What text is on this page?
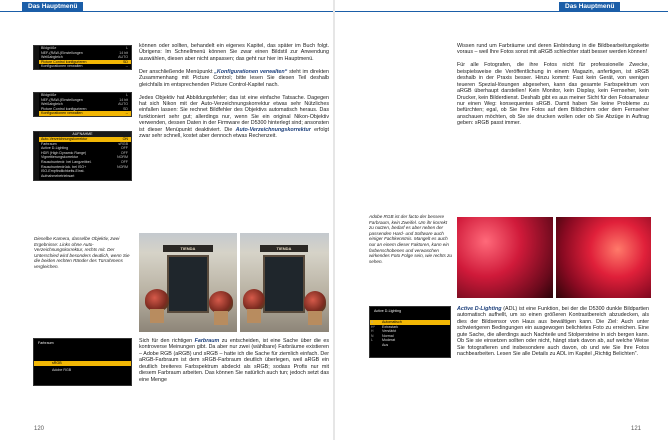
Das Hauptmenü
Bildgröße	L
NEF-(RAW-)Einstellungen	14 bit
Weißabgleich	AUTO
Picture Control konfigurieren	SD
Konfigurationen verwalten	--
Bildgröße	L
NEF-(RAW-)Einstellungen	14 bit
Weißabgleich	AUTO
Picture Control konfigurieren	SD
Konfigurationen verwalten	--
AUFNAHME
Auto-Verzeichnungskorrektur	ON
Farbraum	sRGB
Active D-Lighting	OFF
HDR (High Dynamic Range)	OFF
Vignettierungskorrektur	NORM
Rauschunterdr. bei Langzeitbel.	OFF
Rauschunterdrück. bei ISO+	NORM
ISO-Empfindlichkeits-Einst.
Aufnahmebetriebsart
Dieselbe Kamera, dasselbe Objektiv, zwei Ergebnisse: Links ohne Auto-Verzeichnungskorrektur, rechts mit. Der Unterschied wird besonders deutlich, wenn Sie die beiden rechten Ränder des Türrahmens vergleichen.
TIENDA	TIENDA
Farbraum
sRGB
Adobe RGB

können oder sollten, behandelt ein eigenes Kapitel, das später im Buch folgt. Übrigens: Im Schnellmenü können Sie zwar einen Bildstil zur Anwendung auswählen, diesen aber nicht anpassen; das geht nur hier im Hauptmenü.

Der anschließende Menüpunkt „Konfigurationen verwalten“ steht im direkten Zusammenhang mit Picture Control; bitte lesen Sie diesen Teil deshalb gleichfalls im entsprechenden Picture Control-Kapitel nach.

Jedes Objektiv hat Abbildungsfehler; das ist eine einfache Tatsache. Dagegen hat sich Nikon mit der Auto-Verzeichnungskorrektur etwas sehr Nützliches einfallen lassen: Sie rechnet Bildfehler des Objektivs automatisch heraus. Das funktioniert sehr gut; allerdings nur, wenn Sie ein original Nikon-Objektiv verwenden, dessen Daten in der Firmware der D5300 hinterlegt sind; ansonsten ist dieser Menüpunkt deaktiviert. Die Auto-Verzeichnungskorrektur erfolgt zwar sehr schnell, kostet aber dennoch etwas Rechenzeit.

Sich für den richtigen Farbraum zu entscheiden, ist eine Sache über die es kontroverse Meinungen gibt. Da aber nur zwei (wählbare) Farbräume existieren – Adobe RGB (aRGB) und sRGB – hatte ich die Sache für ziemlich einfach. Der aRGB-Farbraum ist dem sRGB-Farbraum deutlich überlegen, weil aRGB ein deutlich breiteres Farbspektrum abdeckt als sRGB; sodass Profis nur mit diesem Farbraum arbeiten. Das können Sie natürlich auch tun; jedoch setzt das eine Menge

120
Das Hauptmenü

Wissen rund um Farbräume und deren Einbindung in die Bildbearbeitungskette voraus – weil Ihre Fotos sonst mit aRGB schlechter statt besser werden können!

Für alle Fotografen, die ihre Fotos nicht für professionelle Zwecke, beispielsweise die Veröffentlichung in einem Magazin, anfertigen, ist sRGB deshalb in der Praxis besser. Hinzu kommt: Fast kein Gerät, von wenigen teueren Spezial-lösungen abgesehen, kann das gesamte Farbspektrum von aRGB überhaupt darstellen! Kein Monitor, kein Display, kein Fernseher, kein Drucker, kein Bilderdienst. Deshalb gibt es aus meiner Sicht für den Fotoamateur nur einen Weg: konsequentes sRGB. Damit haben Sie keine Probleme zu befürchten; egal, ob Sie Ihre Fotos auf dem Bildschirm oder dem Fernseher anschauen möchten, ob Sie sie drucken wollen oder ob Sie Abzüge in Auftrag geben: sRGB passt immer.

Adobe RGB ist der facto der bessere Farbraum, kein Zweifel. Um ihr korrekt zu nutzen, bedarf es aber neben der passenden Hard- und Software auch einiger Fachkenntnis. Mangelt es auch nur an einem dieser Faktoren, kann ein farbenschobenes und verwaschen wirkendes Foto Folge sein, wie rechts zu sehen.
Active D-Lighting
A Automatisch
H* Extrastark
H Verstärkt
N Normal
L	Moderat
Aus

Active D-Lighting (ADL) ist eine Funktion, bei der die D5300 dunkle Bildpartien automatisch aufhellt, um so einen größeren Kontrastbereich abzudecken, als dies der Bildsensor von Haus aus bewältigen kann. Die Ziel: Auch unter schwierigeren Bedingungen ein ausgewogen belichtetes Foto zu erreichen. Eine gute Sache, die allerdings auch Nachteile und Stolpersteine in sich bergen kann. Ob Sie sie einsetzen sollten oder nicht, hängt stark davon ab, auf welche Weise Sie fotografieren und insbesondere auch davon, ob und wie Sie Ihre Fotos nachbearbeiten. Lesen Sie alle Details zu ADL im Kapitel „Richtig Belichten“.

121
